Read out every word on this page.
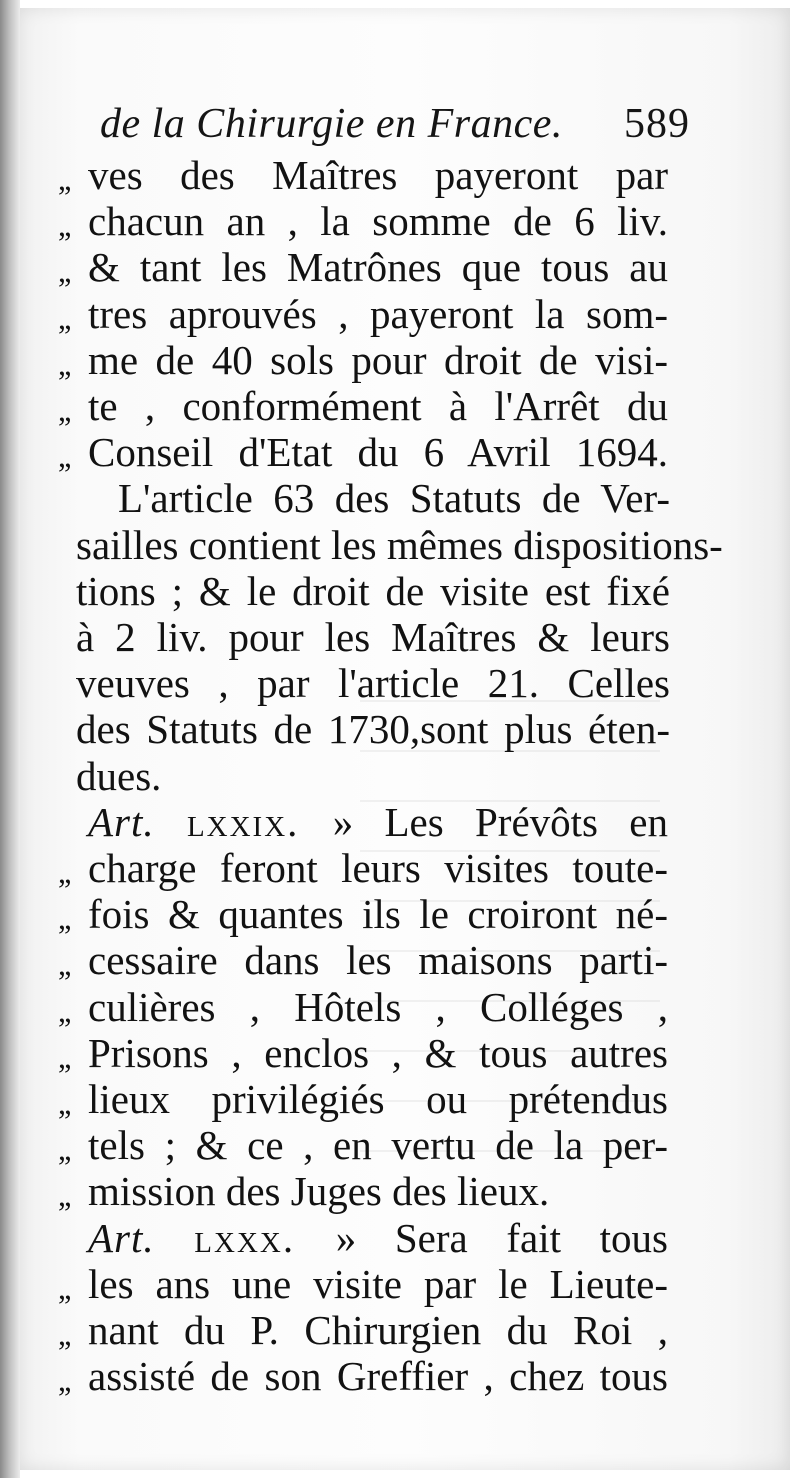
de la Chirurgie en France. 589
,, ves des Maîtres payeront par
,, chacun an , la somme de 6 liv.
,, & tant les Matrônes que tous au
,, tres aprouvés , payeront la som-
,, me de 40 sols pour droit de visi-
,, te , conformément à l'Arrêt du
,, Conseil d'Etat du 6 Avril 1694.
L'article 63 des Statuts de Ver-
sailles contient les mêmes dispositions-
tions ; & le droit de visite est fixé
à 2 liv. pour les Maîtres & leurs
veuves , par l'article 21. Celles
des Statuts de 1730,sont plus éten-
dues.
Art. lxxix. » Les Prévôts en
,, charge feront leurs visites toute-
,, fois & quantes ils le croiront né-
,, cessaire dans les maisons parti-
,, culières , Hôtels , Colléges ,
,, Prisons , enclos , & tous autres
,, lieux privilégiés ou prétendus
,, tels ; & ce , en vertu de la per-
,, mission des Juges des lieux.
Art. lxxx. » Sera fait tous
,, les ans une visite par le Lieute-
,, nant du P. Chirurgien du Roi ,
,, assisté de son Greffier , chez tous
